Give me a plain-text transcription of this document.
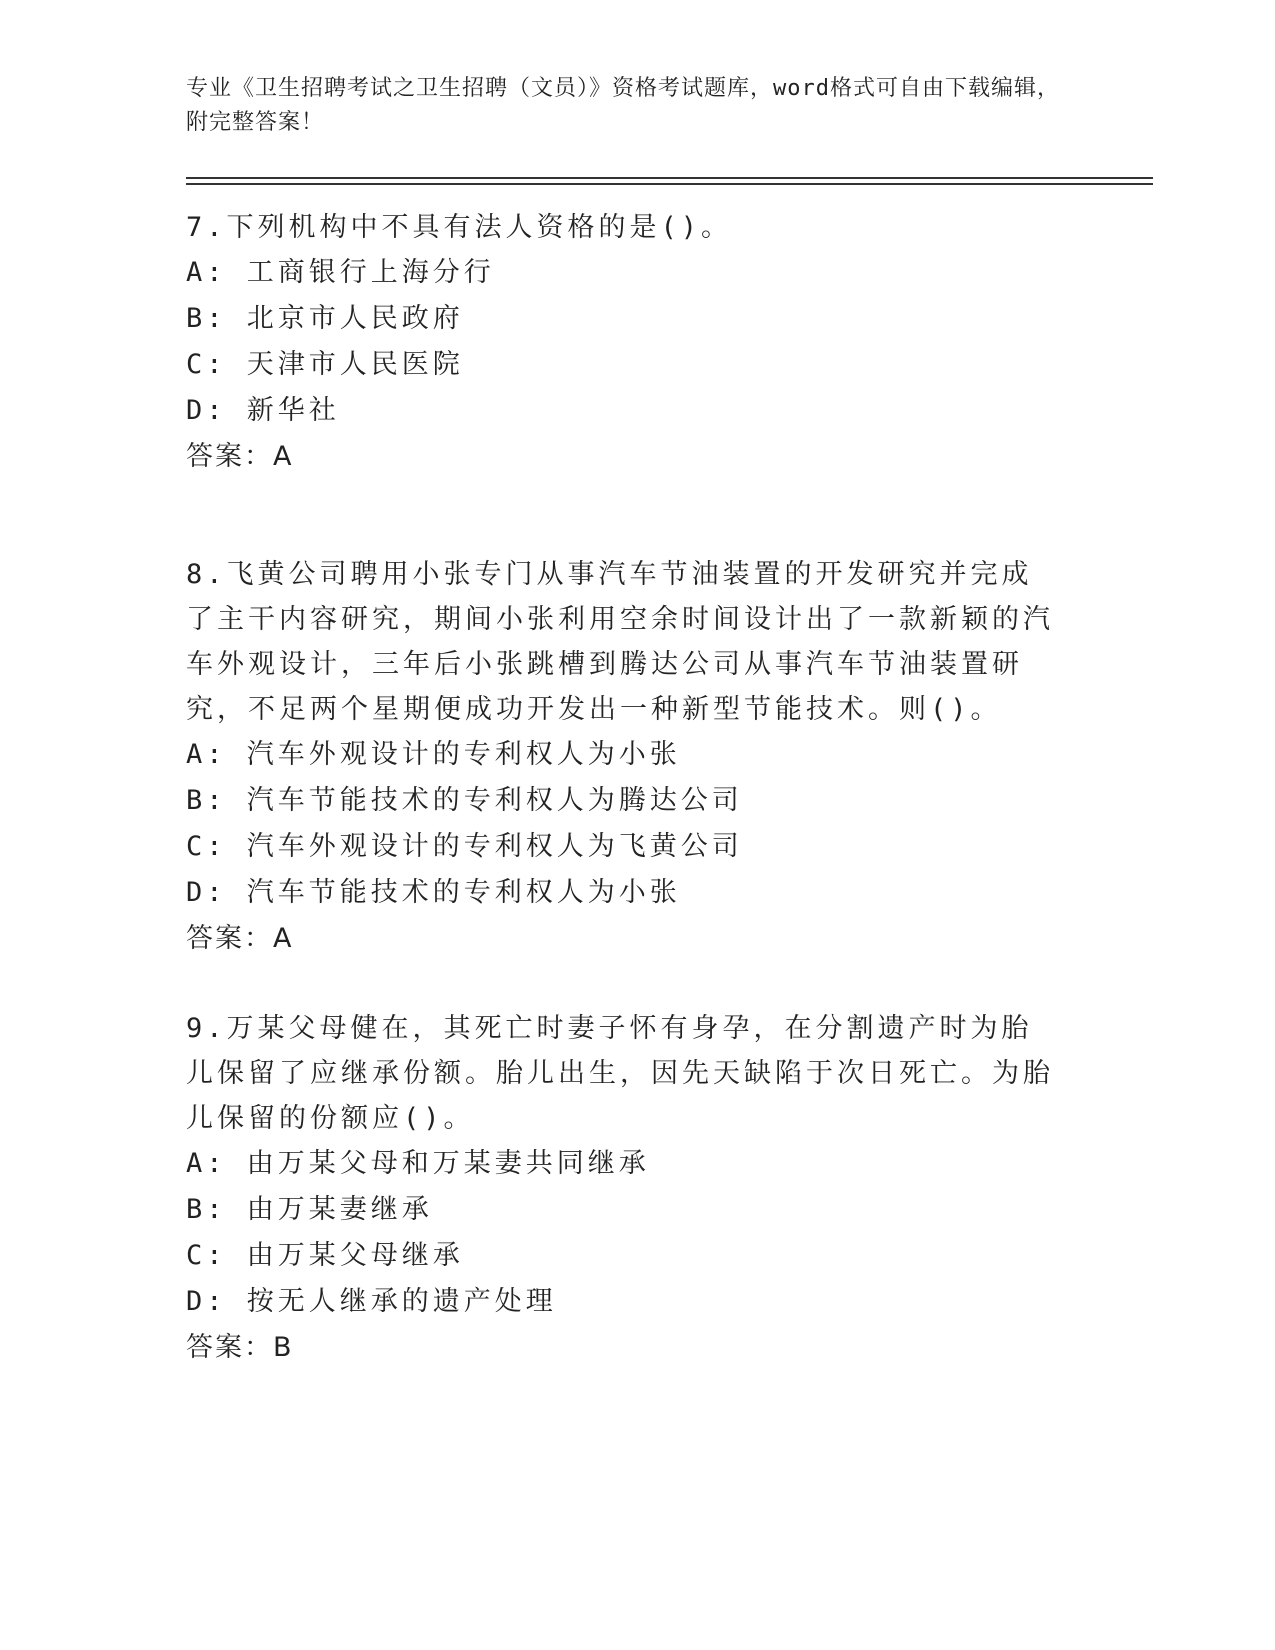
专业《卫生招聘考试之卫生招聘（文员）》资格考试题库，word格式可自由下载编辑，附完整答案！
7.下列机构中不具有法人资格的是()。
A: 工商银行上海分行
B: 北京市人民政府
C: 天津市人民医院
D: 新华社
答案：A
8.飞黄公司聘用小张专门从事汽车节油装置的开发研究并完成了主干内容研究，期间小张利用空余时间设计出了一款新颖的汽车外观设计，三年后小张跳槽到腾达公司从事汽车节油装置研究，不足两个星期便成功开发出一种新型节能技术。则()。
A: 汽车外观设计的专利权人为小张
B: 汽车节能技术的专利权人为腾达公司
C: 汽车外观设计的专利权人为飞黄公司
D: 汽车节能技术的专利权人为小张
答案：A
9.万某父母健在，其死亡时妻子怀有身孕，在分割遗产时为胎儿保留了应继承份额。胎儿出生，因先天缺陷于次日死亡。为胎儿保留的份额应()。
A: 由万某父母和万某妻共同继承
B: 由万某妻继承
C: 由万某父母继承
D: 按无人继承的遗产处理
答案：B
